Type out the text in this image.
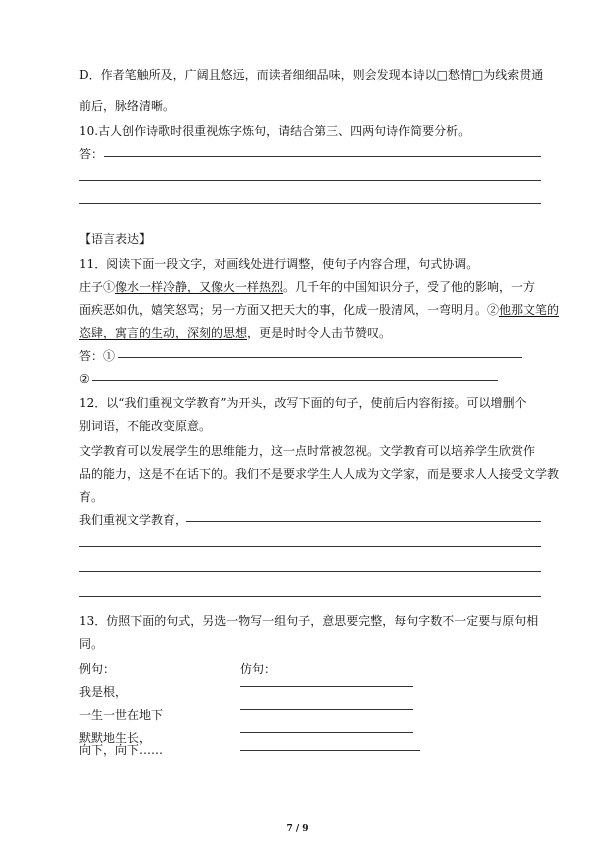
D．作者笔触所及，广阔且悠远，而读者细细品味，则会发现本诗以□愁情□为线索贯通

前后，脉络清晰。

10.古人创作诗歌时很重视炼字炼句，请结合第三、四两句诗作简要分析。

答：

【语言表达】

11．阅读下面一段文字，对画线处进行调整，使句子内容合理，句式协调。

庄子①像水一样冷静，又像火一样热烈。几千年的中国知识分子，受了他的影响，一方

面疾恶如仇，嬉笑怒骂；另一方面又把天大的事，化成一股清风，一弯明月。②他那文笔的

恣肆，寓言的生动，深刻的思想，更是时时令人击节赞叹。

答：①

②

12．以“我们重视文学教育”为开头，改写下面的句子，使前后内容衔接。可以增删个

别词语，不能改变原意。

文学教育可以发展学生的思维能力，这一点时常被忽视。文学教育可以培养学生欣赏作

品的能力，这是不在话下的。我们不是要求学生人人成为文学家，而是要求人人接受文学教

育。

我们重视文学教育，

13．仿照下面的句式，另选一物写一组句子，意思要完整，每句字数不一定要与原句相

同。

例句：	仿句：

我是根，

一生一世在地下

默默地生长，

向下，向下……

7 / 9
